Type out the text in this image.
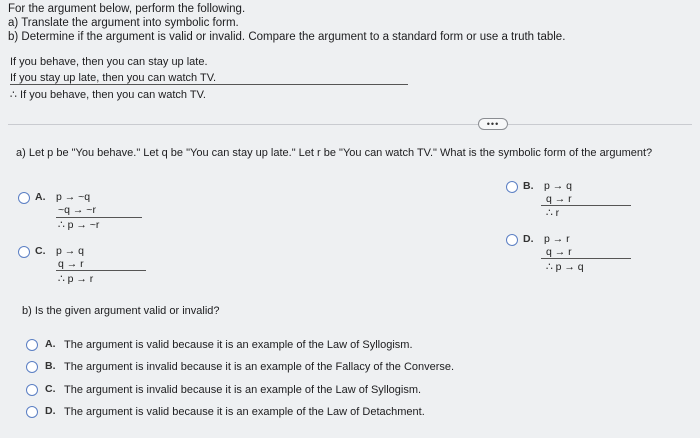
For the argument below, perform the following.
a) Translate the argument into symbolic form.
b) Determine if the argument is valid or invalid. Compare the argument to a standard form or use a truth table.
If you behave, then you can stay up late.
If you stay up late, then you can watch TV.
∴ If you behave, then you can watch TV.
•••
a) Let p be "You behave." Let q be "You can stay up late." Let r be "You can watch TV." What is the symbolic form of the argument?
A. p → ~q
~q → ~r
∴ p → ~r
B. p → q
q → r
∴ r
C. p → q
q → r
∴ p → r
D. p → r
q → r
∴ p → q
b) Is the given argument valid or invalid?
A. The argument is valid because it is an example of the Law of Syllogism.
B. The argument is invalid because it is an example of the Fallacy of the Converse.
C. The argument is invalid because it is an example of the Law of Syllogism.
D. The argument is valid because it is an example of the Law of Detachment.
